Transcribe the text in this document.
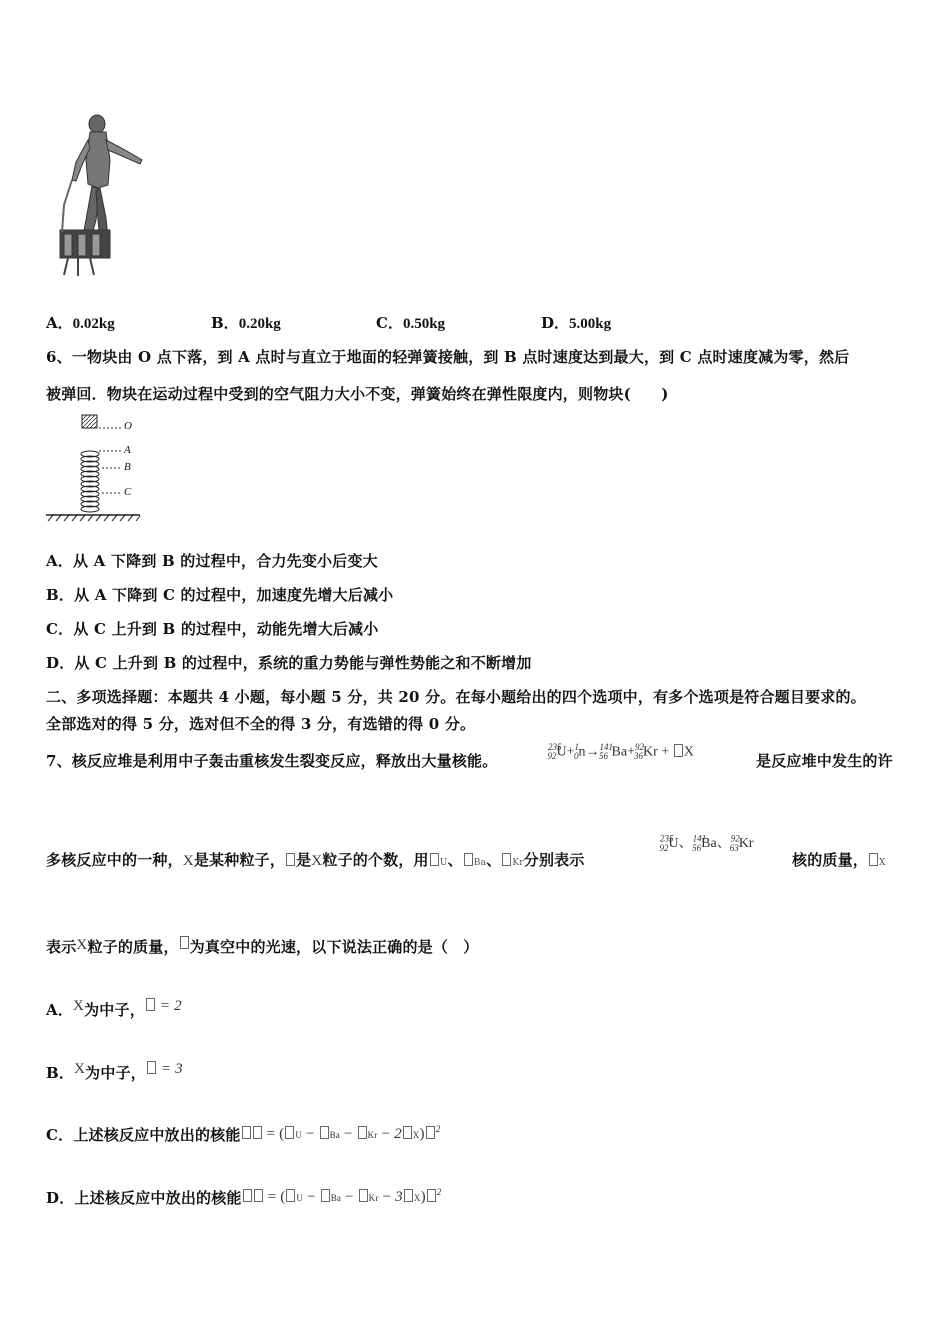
A．0.02kg	B．0.20kg	C．0.50kg	D．5.00kg
6、一物块由 O 点下落，到 A 点时与直立于地面的轻弹簧接触，到 B 点时速度达到最大，到 C 点时速度减为零，然后
被弹回．物块在运动过程中受到的空气阻力大小不变，弹簧始终在弹性限度内，则物块(　　)
O
A
B
C
A．从 A 下降到 B 的过程中，合力先变小后变大
B．从 A 下降到 C 的过程中，加速度先增大后减小
C．从 C 上升到 B 的过程中，动能先增大后减小
D．从 C 上升到 B 的过程中，系统的重力势能与弹性势能之和不断增加
二、多项选择题：本题共 4 小题，每小题 5 分，共 20 分。在每小题给出的四个选项中，有多个选项是符合题目要求的。
全部选对的得 5 分，选对但不全的得 3 分，有选错的得 0 分。
7、核反应堆是利用中子轰击重核发生裂变反应，释放出大量核能。
$^{235}_{92}$U+$^1_0$n→$^{141}_{56}$ Ba+$^{92}_{36}$Kr + X	是反应堆中发生的许
多核反应中的一种，X是某种粒子， 是X粒子的个数，用 U、 Ba、 Kr分别表示
$^{235}_{92}$U、$^{141}_{56}$Ba、$^{92}_{63}$Kr
核的质量， X
表示X粒子的质量， 为真空中的光速，以下说法正确的是（　）
A．X为中子， = 2
B．X为中子， = 3
C．上述核反应中放出的核能 = ( U − Ba − Kr − 2 X) $^2$
D．上述核反应中放出的核能 = ( U − Ba − Kr − 3 X) $^2$
